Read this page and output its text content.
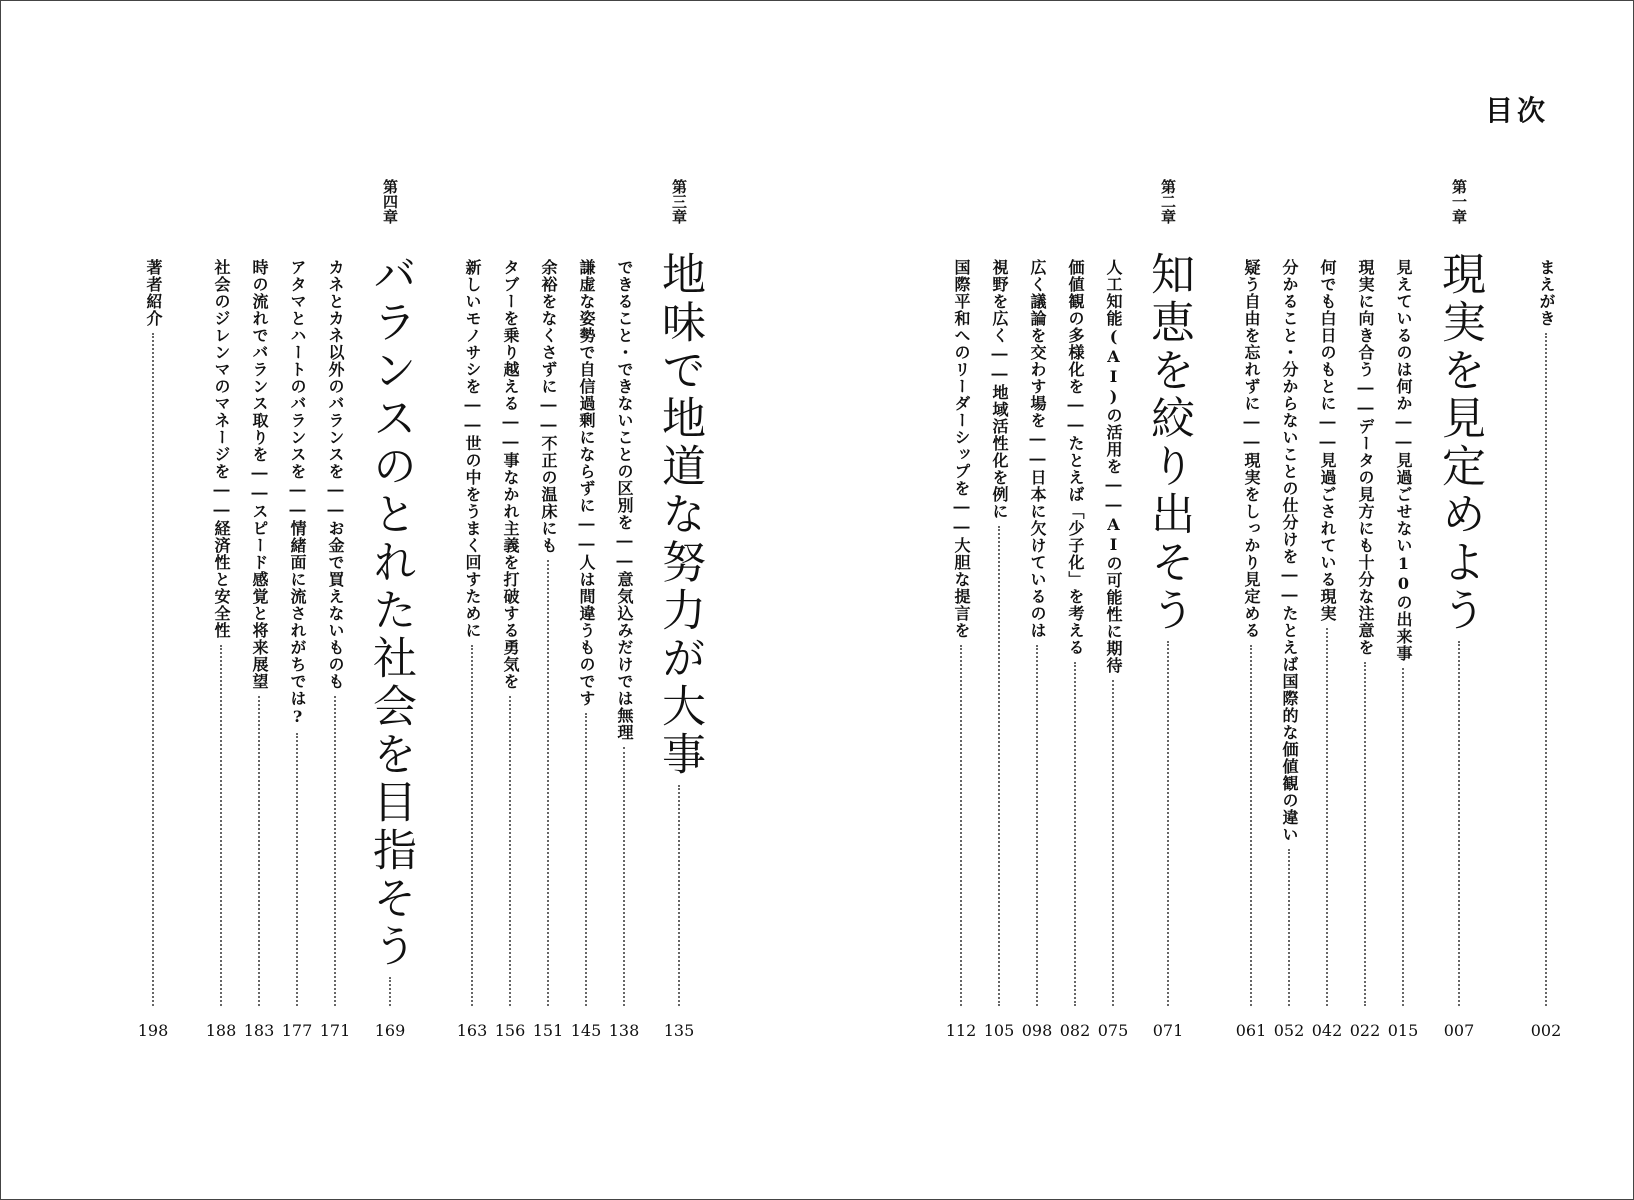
目次
まえがき
002
第一章
現実を見定めよう
007
見えているのは何か――見過ごせない10の出来事
015
現実に向き合う――データの見方にも十分な注意を
022
何でも白日のもとに――見過ごされている現実
042
分かること・分からないことの仕分けを――たとえば国際的な価値観の違い
052
疑う自由を忘れずに――現実をしっかり見定める
061
第二章
知恵を絞り出そう
071
人工知能(AI)の活用を――AIの可能性に期待
075
価値観の多様化を――たとえば「少子化」を考える
082
広く議論を交わす場を――日本に欠けているのは
098
視野を広く――地域活性化を例に
105
国際平和へのリーダーシップを――大胆な提言を
112
第三章
地味で地道な努力が大事
135
できること・できないことの区別を――意気込みだけでは無理
138
謙虚な姿勢で自信過剰にならずに――人は間違うものです
145
余裕をなくさずに――不正の温床にも
151
タブーを乗り越える――事なかれ主義を打破する勇気を
156
新しいモノサシを――世の中をうまく回すために
163
第四章
バランスのとれた社会を目指そう
169
カネとカネ以外のバランスを――お金で買えないものも
171
アタマとハートのバランスを――情緒面に流されがちでは?
177
時の流れでバランス取りを――スピード感覚と将来展望
183
社会のジレンマのマネージを――経済性と安全性
188
著者紹介
198
